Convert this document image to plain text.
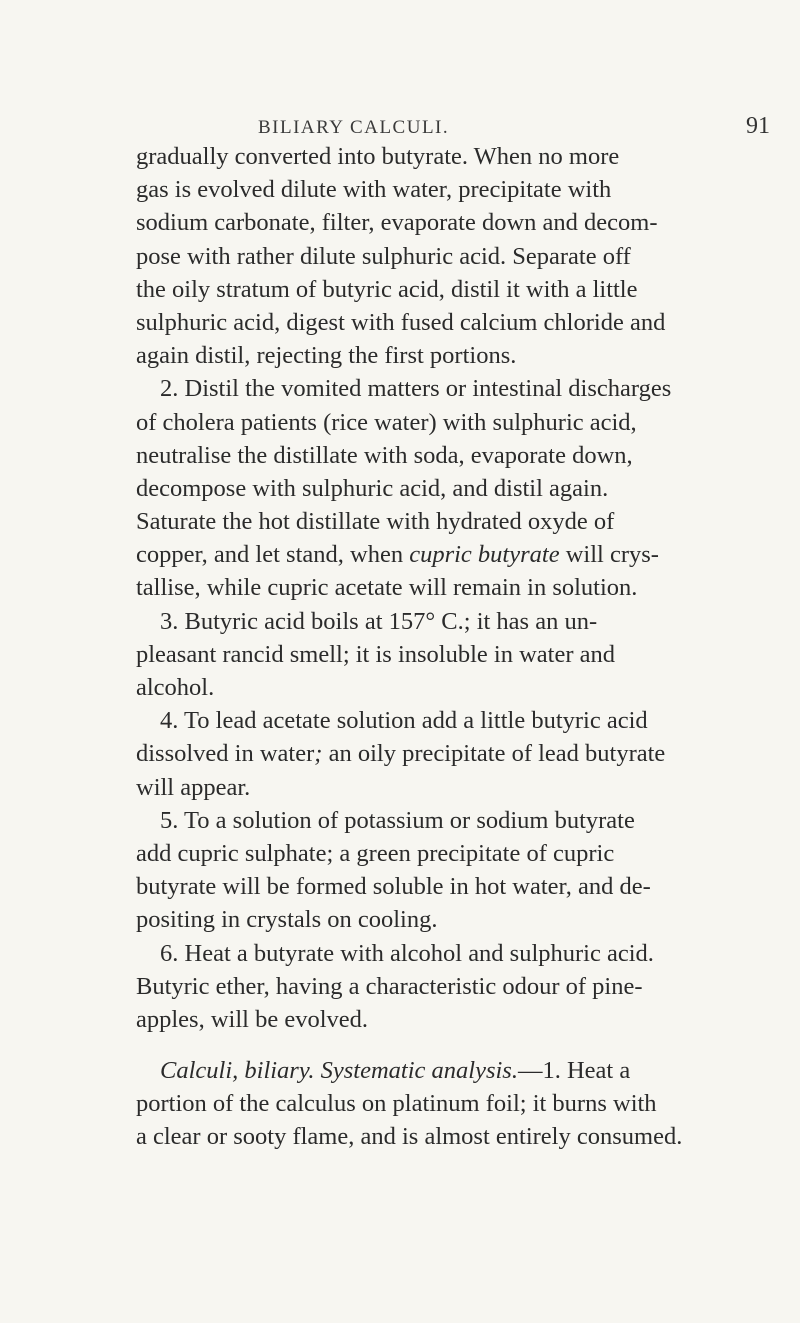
BILIARY CALCULI.	91
gradually converted into butyrate. When no more
gas is evolved dilute with water, precipitate with
sodium carbonate, filter, evaporate down and decom-
pose with rather dilute sulphuric acid. Separate off
the oily stratum of butyric acid, distil it with a little
sulphuric acid, digest with fused calcium chloride and
again distil, rejecting the first portions.
2. Distil the vomited matters or intestinal discharges
of cholera patients (rice water) with sulphuric acid,
neutralise the distillate with soda, evaporate down,
decompose with sulphuric acid, and distil again.
Saturate the hot distillate with hydrated oxyde of
copper, and let stand, when cupric butyrate will crys-
tallise, while cupric acetate will remain in solution.
3. Butyric acid boils at 157° C.; it has an un-
pleasant rancid smell; it is insoluble in water and
alcohol.
4. To lead acetate solution add a little butyric acid
dissolved in water; an oily precipitate of lead butyrate
will appear.
5. To a solution of potassium or sodium butyrate
add cupric sulphate; a green precipitate of cupric
butyrate will be formed soluble in hot water, and de-
positing in crystals on cooling.
6. Heat a butyrate with alcohol and sulphuric acid.
Butyric ether, having a characteristic odour of pine-
apples, will be evolved.
Calculi, biliary. Systematic analysis.—1. Heat a
portion of the calculus on platinum foil; it burns with
a clear or sooty flame, and is almost entirely consumed.
